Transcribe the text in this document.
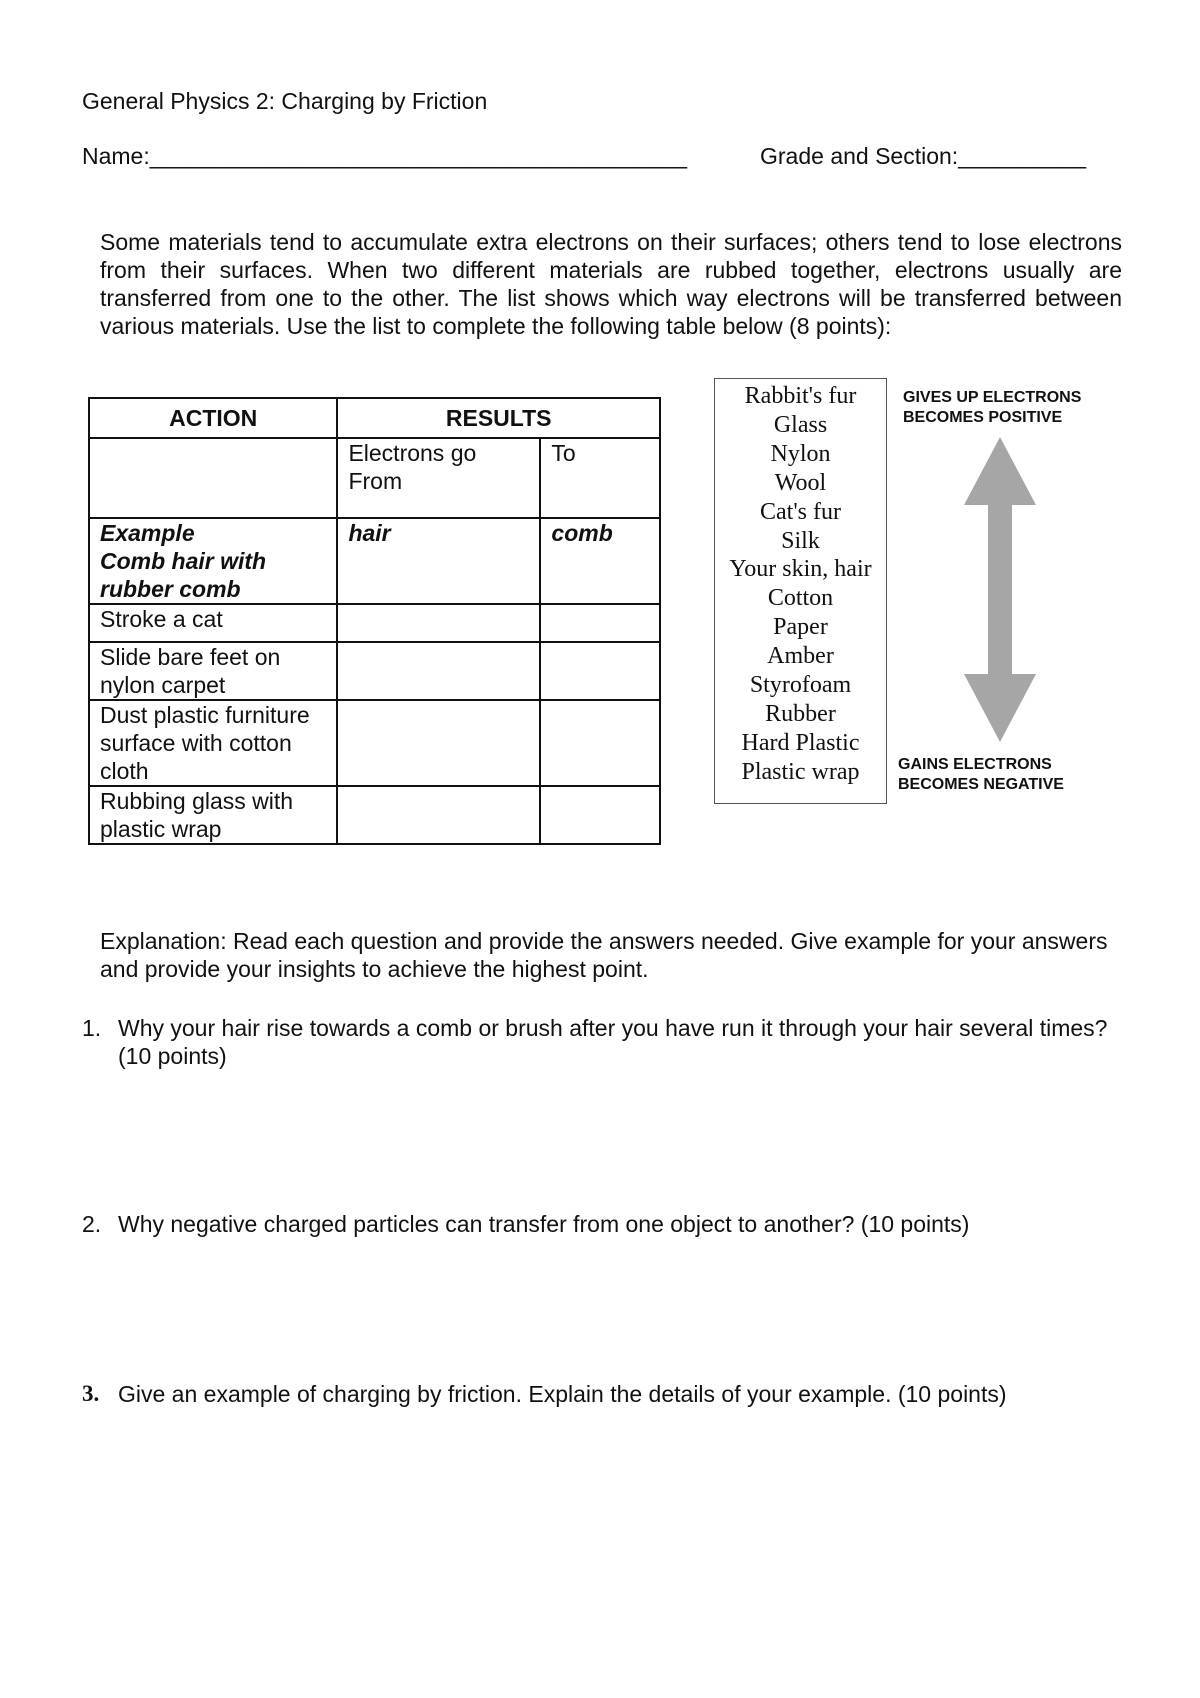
General Physics 2: Charging by Friction
Name:__________________________________________	Grade and Section:__________
Some materials tend to accumulate extra electrons on their surfaces; others tend to lose electrons from their surfaces. When two different materials are rubbed together, electrons usually are transferred from one to the other. The list shows which way electrons will be transferred between various materials. Use the list to complete the following table below (8 points):
ACTION	RESULTS	
	Electrons go From	To

Example
Comb hair with rubber comb	hair	comb
Stroke a cat		
Slide bare feet on nylon carpet		
Dust plastic furniture surface with cotton cloth		
Rubbing glass with plastic wrap		
Rabbit's fur
Glass
Nylon
Wool
Cat's fur
Silk
Your skin, hair
Cotton
Paper
Amber
Styrofoam
Rubber
Hard Plastic
Plastic wrap
GIVES UP ELECTRONS
BECOMES POSITIVE
GAINS ELECTRONS
BECOMES NEGATIVE
Explanation: Read each question and provide the answers needed. Give example for your answers and provide your insights to achieve the highest point.
1. Why your hair rise towards a comb or brush after you have run it through your hair several times? (10 points)
2. Why negative charged particles can transfer from one object to another? (10 points)
3. Give an example of charging by friction. Explain the details of your example. (10 points)
